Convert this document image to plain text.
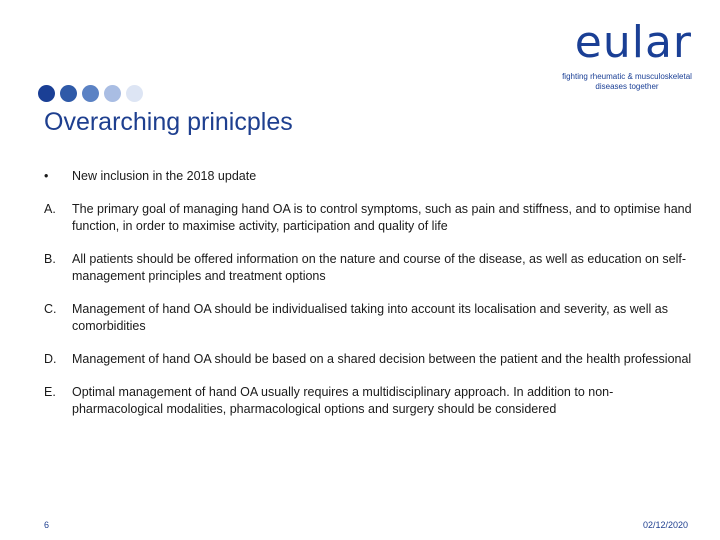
eular
fighting rheumatic & musculoskeletal
diseases together
Overarching prinicples
•	New inclusion in the 2018 update
A.	The primary goal of managing hand OA is to control symptoms, such as pain and stiffness, and to optimise hand function, in order to maximise activity, participation and quality of life
B.	All patients should be offered information on the nature and course of the disease, as well as education on self-management principles and treatment options
C.	Management of hand OA should be individualised taking into account its localisation and severity, as well as comorbidities
D.	Management of hand OA should be based on a shared decision between the patient and the health professional
E.	Optimal management of hand OA usually requires a multidisciplinary approach. In addition to non-pharmacological modalities, pharmacological options and surgery should be considered
6	02/12/2020
